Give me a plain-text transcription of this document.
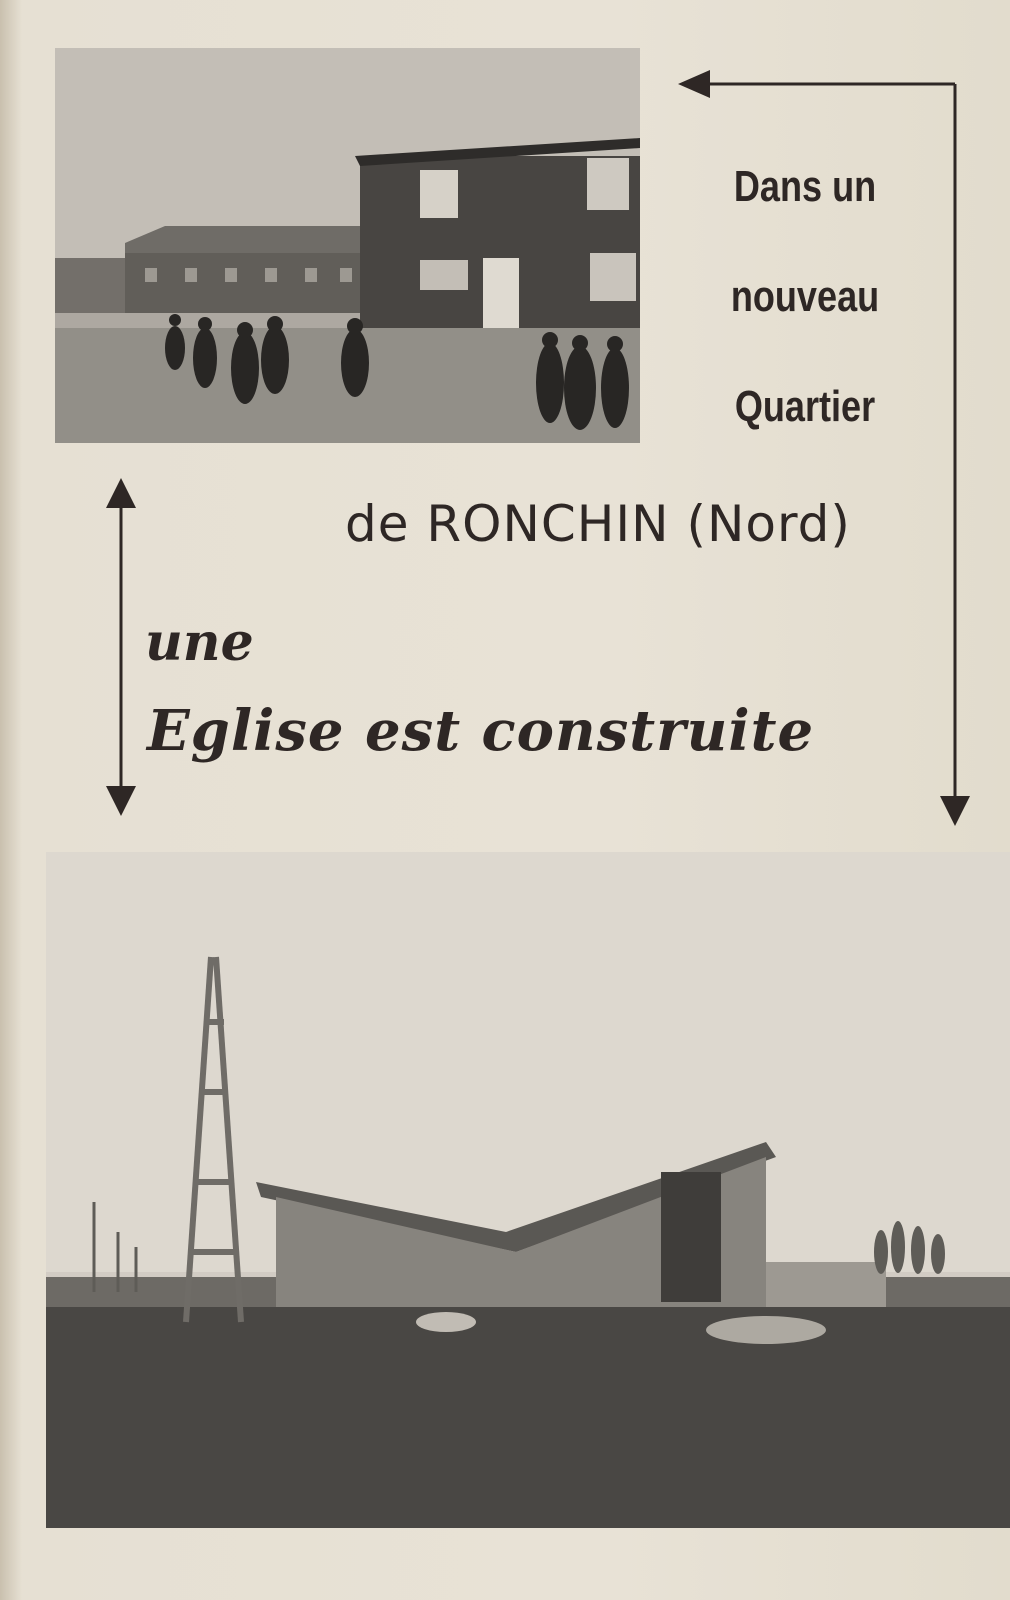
Dans un
nouveau
Quartier
de RONCHIN (Nord)
une
Eglise est construite
